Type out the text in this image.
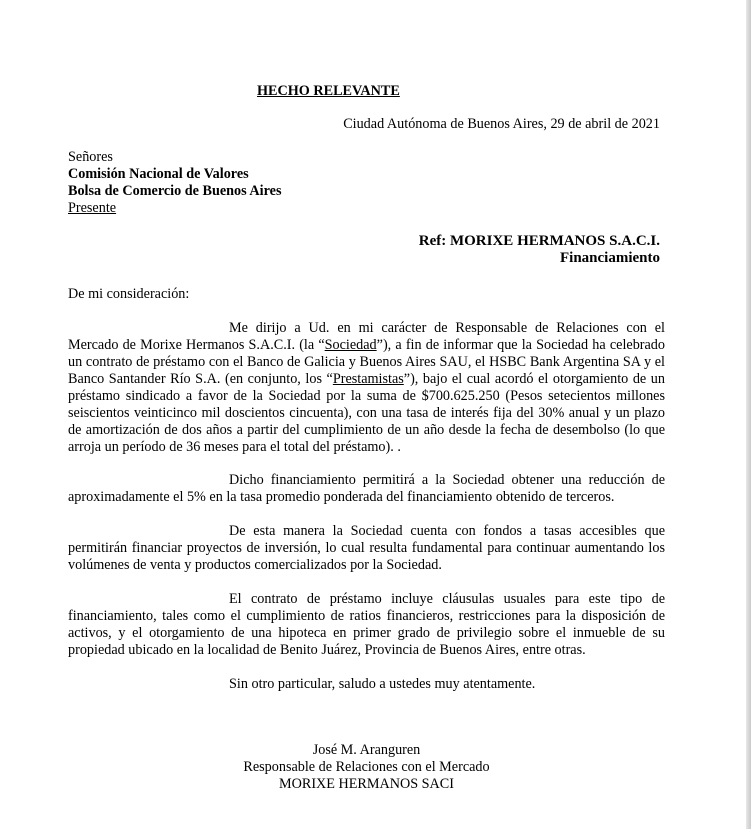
HECHO RELEVANTE
Ciudad Autónoma de Buenos Aires, 29 de abril de 2021
Señores
Comisión Nacional de Valores
Bolsa de Comercio de Buenos Aires
Presente
Ref: MORIXE HERMANOS S.A.C.I.
Financiamiento
De mi consideración:
Me dirijo a Ud. en mi carácter de Responsable de Relaciones con el Mercado de Morixe Hermanos S.A.C.I. (la “Sociedad”), a fin de informar que la Sociedad ha celebrado un contrato de préstamo con el Banco de Galicia y Buenos Aires SAU, el HSBC Bank Argentina SA y el Banco Santander Río S.A. (en conjunto, los “Prestamistas”), bajo el cual acordó el otorgamiento de un préstamo sindicado a favor de la Sociedad por la suma de $700.625.250 (Pesos setecientos millones seiscientos veinticinco mil doscientos cincuenta), con una tasa de interés fija del 30% anual y un plazo de amortización de dos años a partir del cumplimiento de un año desde la fecha de desembolso (lo que arroja un período de 36 meses para el total del préstamo). .
Dicho financiamiento permitirá a la Sociedad obtener una reducción de aproximadamente el 5% en la tasa promedio ponderada del financiamiento obtenido de terceros.
De esta manera la Sociedad cuenta con fondos a tasas accesibles que permitirán financiar proyectos de inversión, lo cual resulta fundamental para continuar aumentando los volúmenes de venta y productos comercializados por la Sociedad.
El contrato de préstamo incluye cláusulas usuales para este tipo de financiamiento, tales como el cumplimiento de ratios financieros, restricciones para la disposición de activos, y el otorgamiento de una hipoteca en primer grado de privilegio sobre el inmueble de su propiedad ubicado en la localidad de Benito Juárez, Provincia de Buenos Aires, entre otras.
Sin otro particular, saludo a ustedes muy atentamente.
José M. Aranguren
Responsable de Relaciones con el Mercado
MORIXE HERMANOS SACI
